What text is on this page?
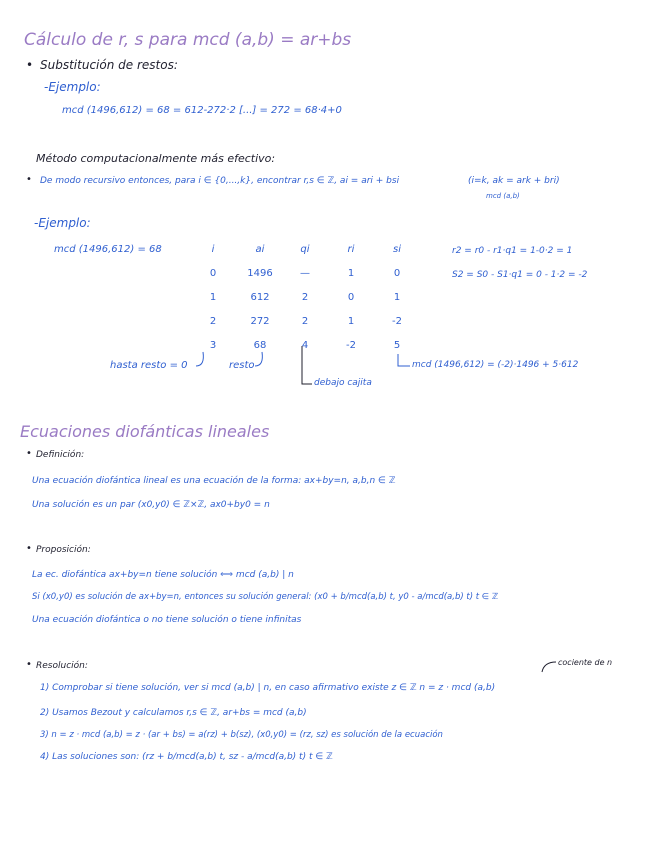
Cálculo de r, s para mcd (a,b) = ar+bs
• Substitución de restos:
-Ejemplo:
mcd (1496,612) = 68 = 612-272·2 [...] = 272 = 68·4+0
Método computacionalmente más efectivo:
• De modo recursivo entonces, para i ∈ {0,...,k}, encontrar r,s ∈ ℤ, ai = ari + bsi	(i=k, ak = ark + bri)
mcd (a,b)
-Ejemplo:
mcd (1496,612) = 68	i	ai	qi	ri	si
0	1496	—	1	0
1	612	2	0	1
2	272	2	1	-2
3	68	4	-2	5
r2 = r0 - r1·q1 = 1-0·2 = 1
S2 = S0 - S1·q1 = 0 - 1·2 = -2
hasta resto = 0	resto
debajo cajita
mcd (1496,612) = (-2)·1496 + 5·612
Ecuaciones diofánticas lineales
• Definición:
Una ecuación diofántica lineal es una ecuación de la forma: ax+by=n, a,b,n ∈ ℤ
Una solución es un par (x0,y0) ∈ ℤ×ℤ, ax0+by0 = n
• Proposición:
La ec. diofántica ax+by=n tiene solución ⟺ mcd (a,b) | n
Si (x0,y0) es solución de ax+by=n, entonces su solución general: (x0 + b/mcd(a,b) t, y0 - a/mcd(a,b) t) t ∈ ℤ
Una ecuación diofántica o no tiene solución o tiene infinitas
• Resolución:	cociente de n
1) Comprobar si tiene solución, ver si mcd (a,b) | n, en caso afirmativo existe z ∈ ℤ n = z · mcd (a,b)
2) Usamos Bezout y calculamos r,s ∈ ℤ, ar+bs = mcd (a,b)
3) n = z · mcd (a,b) = z · (ar + bs) = a(rz) + b(sz), (x0,y0) = (rz, sz) es solución de la ecuación
4) Las soluciones son: (rz + b/mcd(a,b) t, sz - a/mcd(a,b) t) t ∈ ℤ
